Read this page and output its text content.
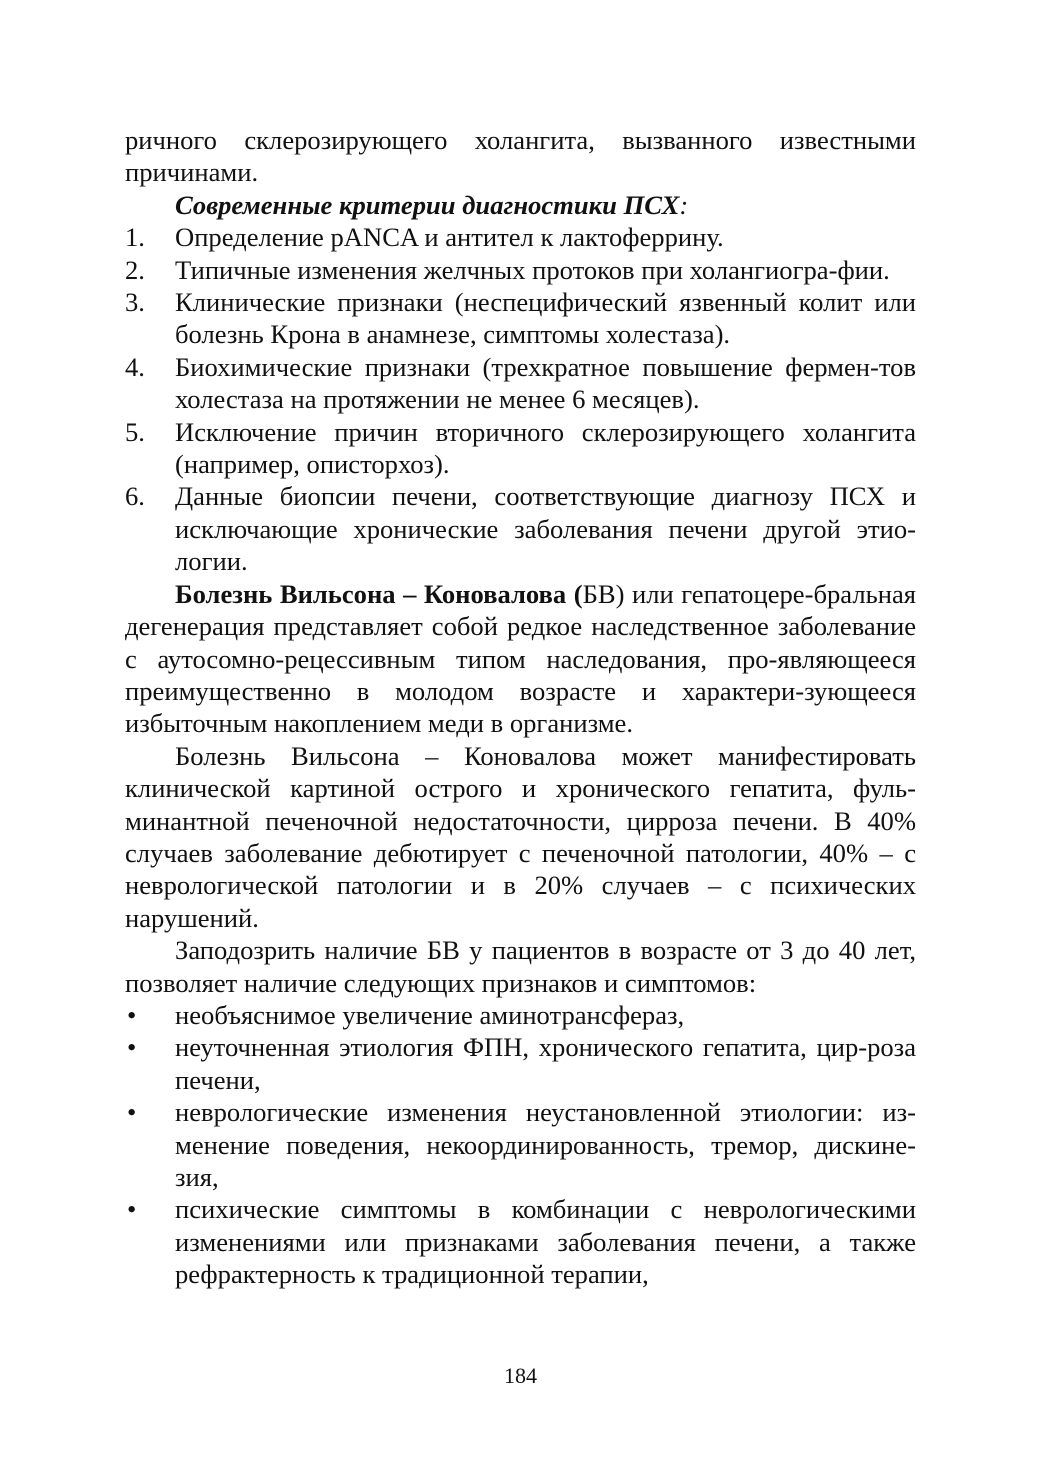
ричного склерозирующего холангита, вызванного известными причинами.

Современные критерии диагностики ПСХ:

1.	Определение pANCA и антител к лактоферрину.
2.	Типичные изменения желчных протоков при холангиогра-фии.
3.	Клинические признаки (неспецифический язвенный колит или болезнь Крона в анамнезе, симптомы холестаза).
4.	Биохимические признаки (трехкратное повышение фермен-тов холестаза на протяжении не менее 6 месяцев).
5.	Исключение причин вторичного склерозирующего холангита (например, описторхоз).
6.	Данные биопсии печени, соответствующие диагнозу ПСХ и исключающие хронические заболевания печени другой этио-логии.

Болезнь Вильсона – Коновалова (БВ) или гепатоцере-бральная дегенерация представляет собой редкое наследственное заболевание с аутосомно-рецессивным типом наследования, про-являющееся преимущественно в молодом возрасте и характери-зующееся избыточным накоплением меди в организме.

Болезнь Вильсона – Коновалова может манифестировать клинической картиной острого и хронического гепатита, фуль-минантной печеночной недостаточности, цирроза печени. В 40% случаев заболевание дебютирует с печеночной патологии, 40% – с неврологической патологии и в 20% случаев – с психических нарушений.

Заподозрить наличие БВ у пациентов в возрасте от 3 до 40 лет, позволяет наличие следующих признаков и симптомов:

•	необъяснимое увеличение аминотрансфераз,
•	неуточненная этиология ФПН, хронического гепатита, цир-роза печени,
•	неврологические изменения неустановленной этиологии: из-менение поведения, некоординированность, тремор, дискине-зия,
•	психические симптомы в комбинации с неврологическими изменениями или признаками заболевания печени, а также рефрактерность к традиционной терапии,
184
